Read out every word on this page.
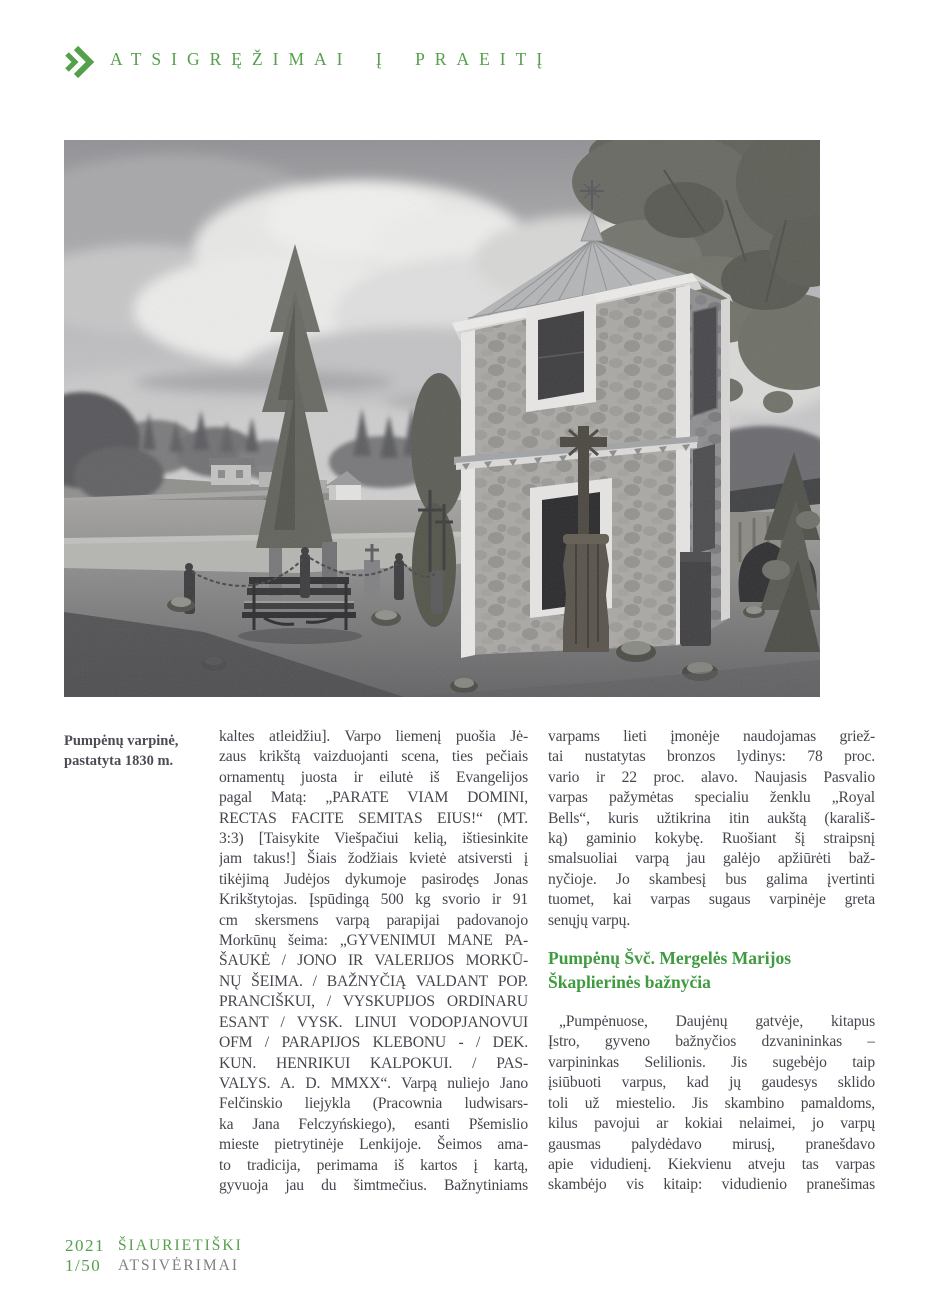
ATSIGRĘŽIMAI Į PRAEITĮ
Pumpėnų varpinė,
pastatyta 1830 m.
kaltes atleidžiu]. Varpo liemenį puošia Jė-
zaus krikštą vaizduojanti scena, ties pečiais
ornamentų juosta ir eilutė iš Evangelijos
pagal Matą: „PARATE VIAM DOMINI,
RECTAS FACITE SEMITAS EIUS!“ (MT.
3:3) [Taisykite Viešpačiui kelią, ištiesinkite
jam takus!] Šiais žodžiais kvietė atsiversti į
tikėjimą Judėjos dykumoje pasirodęs Jonas
Krikštytojas. Įspūdingą 500 kg svorio ir 91
cm skersmens varpą parapijai padovanojo
Morkūnų šeima: „GYVENIMUI MANE PA-
ŠAUKĖ / JONO IR VALERIJOS MORKŪ-
NŲ ŠEIMA. / BAŽNYČIĄ VALDANT POP.
PRANCIŠKUI, / VYSKUPIJOS ORDINARU
ESANT / VYSK. LINUI VODOPJANOVUI
OFM / PARAPIJOS KLEBONU - / DEK.
KUN. HENRIKUI KALPOKUI. / PAS-
VALYS. A. D. MMXX“. Varpą nuliejo Jano
Felčinskio liejykla (Pracownia ludwisars-
ka Jana Felczyńskiego), esanti Pšemislio
mieste pietrytinėje Lenkijoje. Šeimos ama-
to tradicija, perimama iš kartos į kartą,
gyvuoja jau du šimtmečius. Bažnytiniams
varpams lieti įmonėje naudojamas griež-
tai nustatytas bronzos lydinys: 78 proc.
vario ir 22 proc. alavo. Naujasis Pasvalio
varpas pažymėtas specialiu ženklu „Royal
Bells“, kuris užtikrina itin aukštą (karališ-
ką) gaminio kokybę. Ruošiant šį straipsnį
smalsuoliai varpą jau galėjo apžiūrėti baž-
nyčioje. Jo skambesį bus galima įvertinti
tuomet, kai varpas sugaus varpinėje greta
senųjų varpų.
Pumpėnų Švč. Mergelės Marijos
Škaplierinės bažnyčia
„Pumpėnuose, Daujėnų gatvėje, kitapus
Įstro, gyveno bažnyčios dzvanininkas –
varpininkas Selilionis. Jis sugebėjo taip
įsiūbuoti varpus, kad jų gaudesys sklido
toli už miestelio. Jis skambino pamaldoms,
kilus pavojui ar kokiai nelaimei, jo varpų
gausmas palydėdavo mirusį, pranešdavo
apie vidudienį. Kiekvienu atveju tas varpas
skambėjo vis kitaip: vidudienio pranešimas
2021
1/50
ŠIAURIETIŠKI
ATSIVĖRIMAI
